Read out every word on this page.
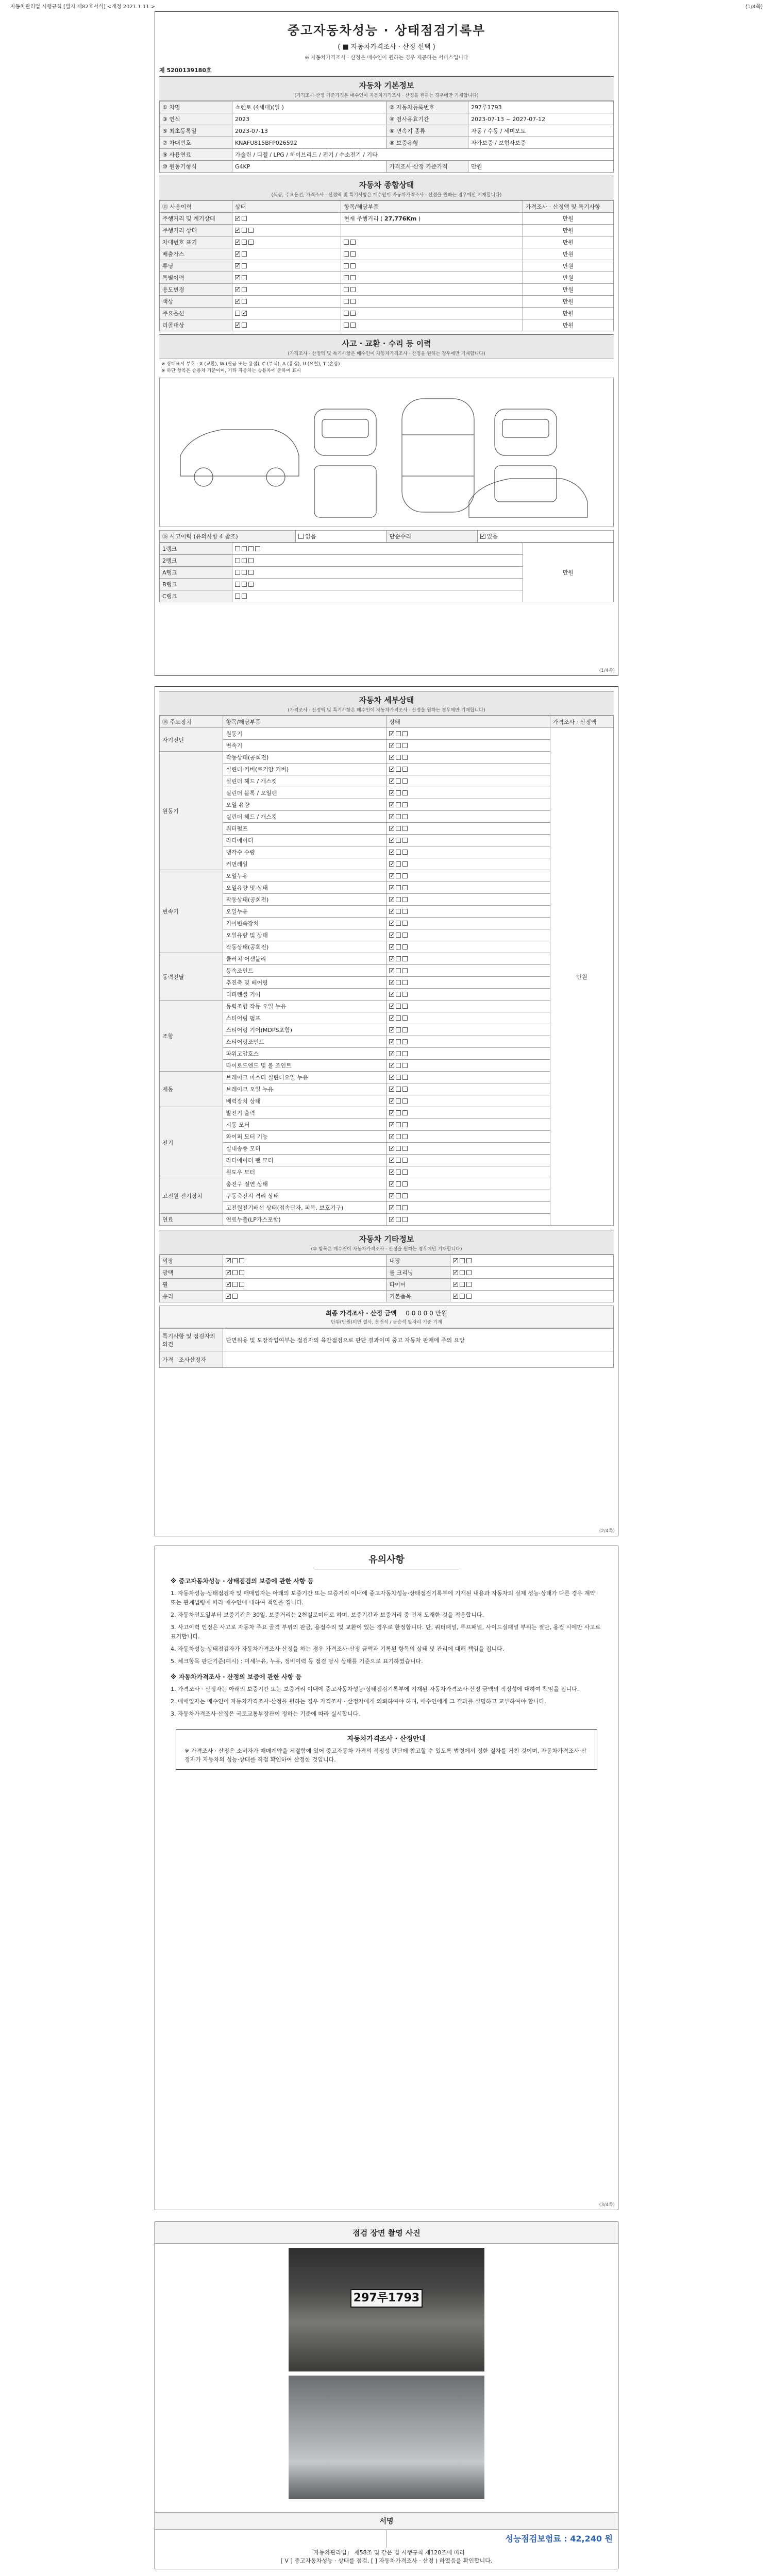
자동차관리법 시행규칙 [별지 제82호서식] <개정 2021.1.11.>	(1/4쪽)
중고자동차성능 · 상태점검기록부
( ■ 자동차가격조사 · 산정 선택 )
※ 자동차가격조사 · 산정은 매수인이 원하는 경우 제공하는 서비스입니다
제 5200139180호
자동차 기본정보
(가격조사·산정 가준가격은 매수인이 자동차가격조사 · 산정을 원하는 경우에만 기재합니다)
① 차명	쇼렌토 (4세대)(일 )	② 자동차등록번호	297루1793
③ 연식	2023	④ 검사유효기간	2023-07-13 ~ 2027-07-12
⑤ 최초등록일	2023-07-13	⑥ 변속기 종류	자동 / 수동 / 세미오토
⑦ 차대번호	KNAFU815BFP026592	⑧ 보증유형	자가보증 / 보험사보증
⑨ 사용연료	가솔린 / 디젤 / LPG / 하이브리드 / 전기 / 수소전기 / 기타		
⑩ 원동기형식	G4KP	가격조사·산정 가준가격	만원
자동차 종합상태
(색상, 주요옵션, 가격조사 · 산정액 및 특기사항은 매수인이 자동차가격조사 · 산정을 원하는 경우에만 기재합니다)
⑪ 사용이력	상태	항목/해당부품	가격조사 · 산정액 및 특기사항
주행거리 및 계기상태	✓	현재 주행거리 ( 27,776Km )	만원
주행거리 상태	✓		만원
차대번호 표기	✓		만원
배출가스	✓		만원
튜닝	✓		만원
특별이력	✓		만원
용도변경	✓		만원
색상	✓		만원
주요옵션	✓		만원
리콜대상	✓		만원
사고 · 교환 · 수리 등 이력
(가격조사 · 산정액 및 특기사항은 매수인이 자동차가격조사 · 산정을 원하는 경우에만 기재합니다)
※ 상태표시 부호 : X (교환), W (판금 또는 용접), C (부식), A (흠집), U (요철), T (손상)
※ 하단 항목은 승용차 기준이며, 기타 자동차는 승용차에 준하여 표시
⑯ 사고이력 (유의사항 4 참조)	없음	단순수리	✓있음
1랭크		만원
2랭크		
A랭크		
B랭크		
C랭크		
(1/4쪽)
자동차 세부상태
(가격조사 · 산정액 및 특기사항은 매수인이 자동차가격조사 · 산정을 원하는 경우에만 기재합니다)
⑱ 주요장치	항목/해당부품	상태	가격조사 · 산정액
자기진단	원동기	✓	만원
	변속기	✓
원동기	작동상태(공회전)	✓
	실린더 커버(로커암 커버)	✓
	실린더 헤드 / 개스킷	✓
	실린더 블록 / 오일팬	✓
	오일 유량	✓
	실린더 헤드 / 개스킷	✓
	워터펌프	✓
	라디에이터	✓
	냉각수 수량	✓
	커먼레일	✓
변속기	오일누유	✓
	오일유량 및 상태	✓
	작동상태(공회전)	✓
	오일누유	✓
	기어변속장치	✓
	오일유량 및 상태	✓
	작동상태(공회전)	✓
동력전달	클러치 어셈블리	✓
	등속조인트	✓
	추진축 및 베어링	✓
	디퍼렌셜 기어	✓
조향	동력조향 작동 오일 누유	✓
	스티어링 펌프	✓
	스티어링 기어(MDPS포함)	✓
	스티어링조인트	✓
	파워고압호스	✓
	타이로드엔드 및 볼 조인트	✓
제동	브레이크 마스터 실린더오일 누유	✓
	브레이크 오일 누유	✓
	배력장치 상태	✓
전기	발전기 출력	✓
	시동 모터	✓
	와이퍼 모터 기능	✓
	실내송풍 모터	✓
	라디에이터 팬 모터	✓
	윈도우 모터	✓
고전원 전기장치	충전구 절연 상태	✓
	구동축전지 격리 상태	✓
	고전원전기배선 상태(접속단자, 피복, 보호기구)	✓
연료	연료누출(LP가스포함)	✓
자동차 기타정보
(⑩ 항목은 매수인이 자동차가격조사 · 산정을 원하는 경우에만 기재합니다)
외장	✓	내장	✓
광택	✓	룸 크리닝	✓
휠	✓	타이어	✓
유리	✓	기본품목	✓
최종 가격조사 · 산정 금액 0 0 0 0 0 만원
단위(만원)미만 절사, 운전석 / 동승석 앞자리 기준 기재
특기사항 및 점검자의 의견	단면위용 및 도장작업여부는 점검자의 육안점검으로 판단 결과이며 중고 자동차 판매에 주의 요망
가격 · 조사산정자	
(2/4쪽)
유의사항
※ 중고자동차성능 · 상태점검의 보증에 관한 사항 등

1. 자동차성능·상태점검자 및 매매업자는 아래의 보증기간 또는 보증거리 이내에 중고자동차성능·상태점검기록부에 기재된 내용과 자동차의 실제 성능·상태가 다른 경우 계약 또는 관계법령에 따라 매수인에 대하여 책임을 집니다.

2. 자동차인도일부터 보증기간은 30일, 보증거리는 2천킬로미터로 하며, 보증기간과 보증거리 중 먼저 도래한 것을 적용합니다.

3. 사고이력 인정은 사고로 자동차 주요 골격 부위의 판금, 용접수리 및 교환이 있는 경우로 한정합니다. 단, 쿼터패널, 루프패널, 사이드실패널 부위는 절단, 용접 시에만 사고로 표기합니다.

4. 자동차성능·상태점검자가 자동차가격조사·산정을 하는 경우 가격조사·산정 금액과 기록된 항목의 상태 및 관리에 대해 책임을 집니다.

5. 체크항목 판단기준(예시) : 미세누유, 누유, 정비이력 등 점검 당시 상태를 기준으로 표기하였습니다.

※ 자동차가격조사 · 산정의 보증에 관한 사항 등

1. 가격조사 · 산정자는 아래의 보증기간 또는 보증거리 이내에 중고자동차성능·상태점검기록부에 기재된 자동차가격조사·산정 금액의 적정성에 대하여 책임을 집니다.

2. 매매업자는 매수인이 자동차가격조사·산정을 원하는 경우 가격조사 · 산정자에게 의뢰하여야 하며, 매수인에게 그 결과를 설명하고 교부하여야 합니다.

3. 자동차가격조사·산정은 국토교통부장관이 정하는 기준에 따라 실시합니다.

자동차가격조사 · 산정안내
※ 가격조사 · 산정은 소비자가 매매계약을 체결함에 있어 중고자동차 가격의 적정성 판단에 참고할 수 있도록 법령에서 정한 절차를 거친 것이며, 자동차가격조사·산정자가 자동차의 성능·상태를 직접 확인하여 산정한 것입니다.
(3/4쪽)
점검 장면 촬영 사진
297루1793
서명
성능점검보험료 : 42,240 원
「자동차관리법」 제58조 및 같은 법 시행규칙 제120조에 따라
[ V ] 중고자동차성능 · 상태를 점검, [ ] 자동차가격조사 · 산정 ) 하였음을 확인합니다.
